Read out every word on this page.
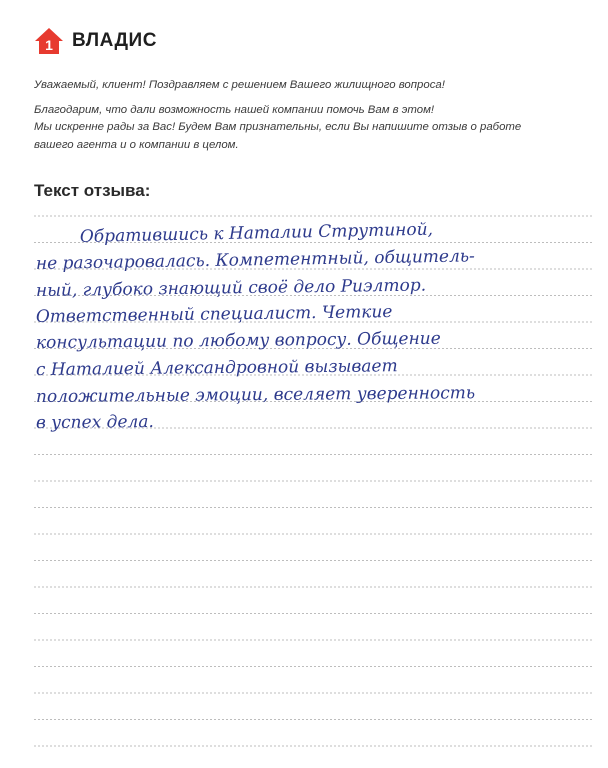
1 ВЛАДИС

Уважаемый, клиент! Поздравляем с решением Вашего жилищного вопроса!

Благодарим, что дали возможность нашей компании помочь Вам в этом!

Мы искренне рады за Вас! Будем Вам признательны, если Вы напишите отзыв о работе

вашего агента и о компании в целом.

Текст отзыва:
Обратившись к Наталии Струтиной,
не разочаровалась. Компетентный, общитель-
ный, глубоко знающий своё дело Риэлтор.
Ответственный специалист. Четкие
консультации по любому вопросу. Общение
с Наталией Александровной вызывает
положительные эмоции, вселяет уверенность
в успех дела.
